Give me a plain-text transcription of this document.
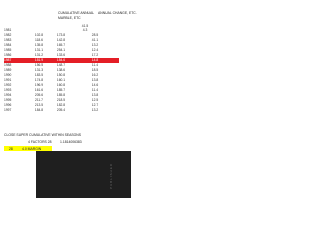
CUMULATIVE ANNUAL ANNUAL CHANGE, ETC.
MARBLE, ETC
41.5
1981	4.3
1982	102.8	173.8	28.5
1983	118.6	142.8	41.1
1984	135.8	165.7	13.2
1985	131.1	254.1	12.4
1986	131.2	133.6	17.2
1987	151.9	154.6	14.8
1988	156.5	148.7	11.4
1989	131.3	138.6	18.5
1990	183.5	150.8	16.2
1991	174.8	160.1	13.8
1992	196.9	160.8	14.6
1993	161.6	185.7	11.4
1994	205.6	185.8	13.8
1995	211.7	218.5	12.5
1996	213.5	182.8	12.7
1997	184.8	205.4	13.2
CLOSE SUPER CUMULATIVE WITHIN SEASONS
4 FACTORS 28	1.1814006383
28	4.0 MARGIN
PUBLISHED
